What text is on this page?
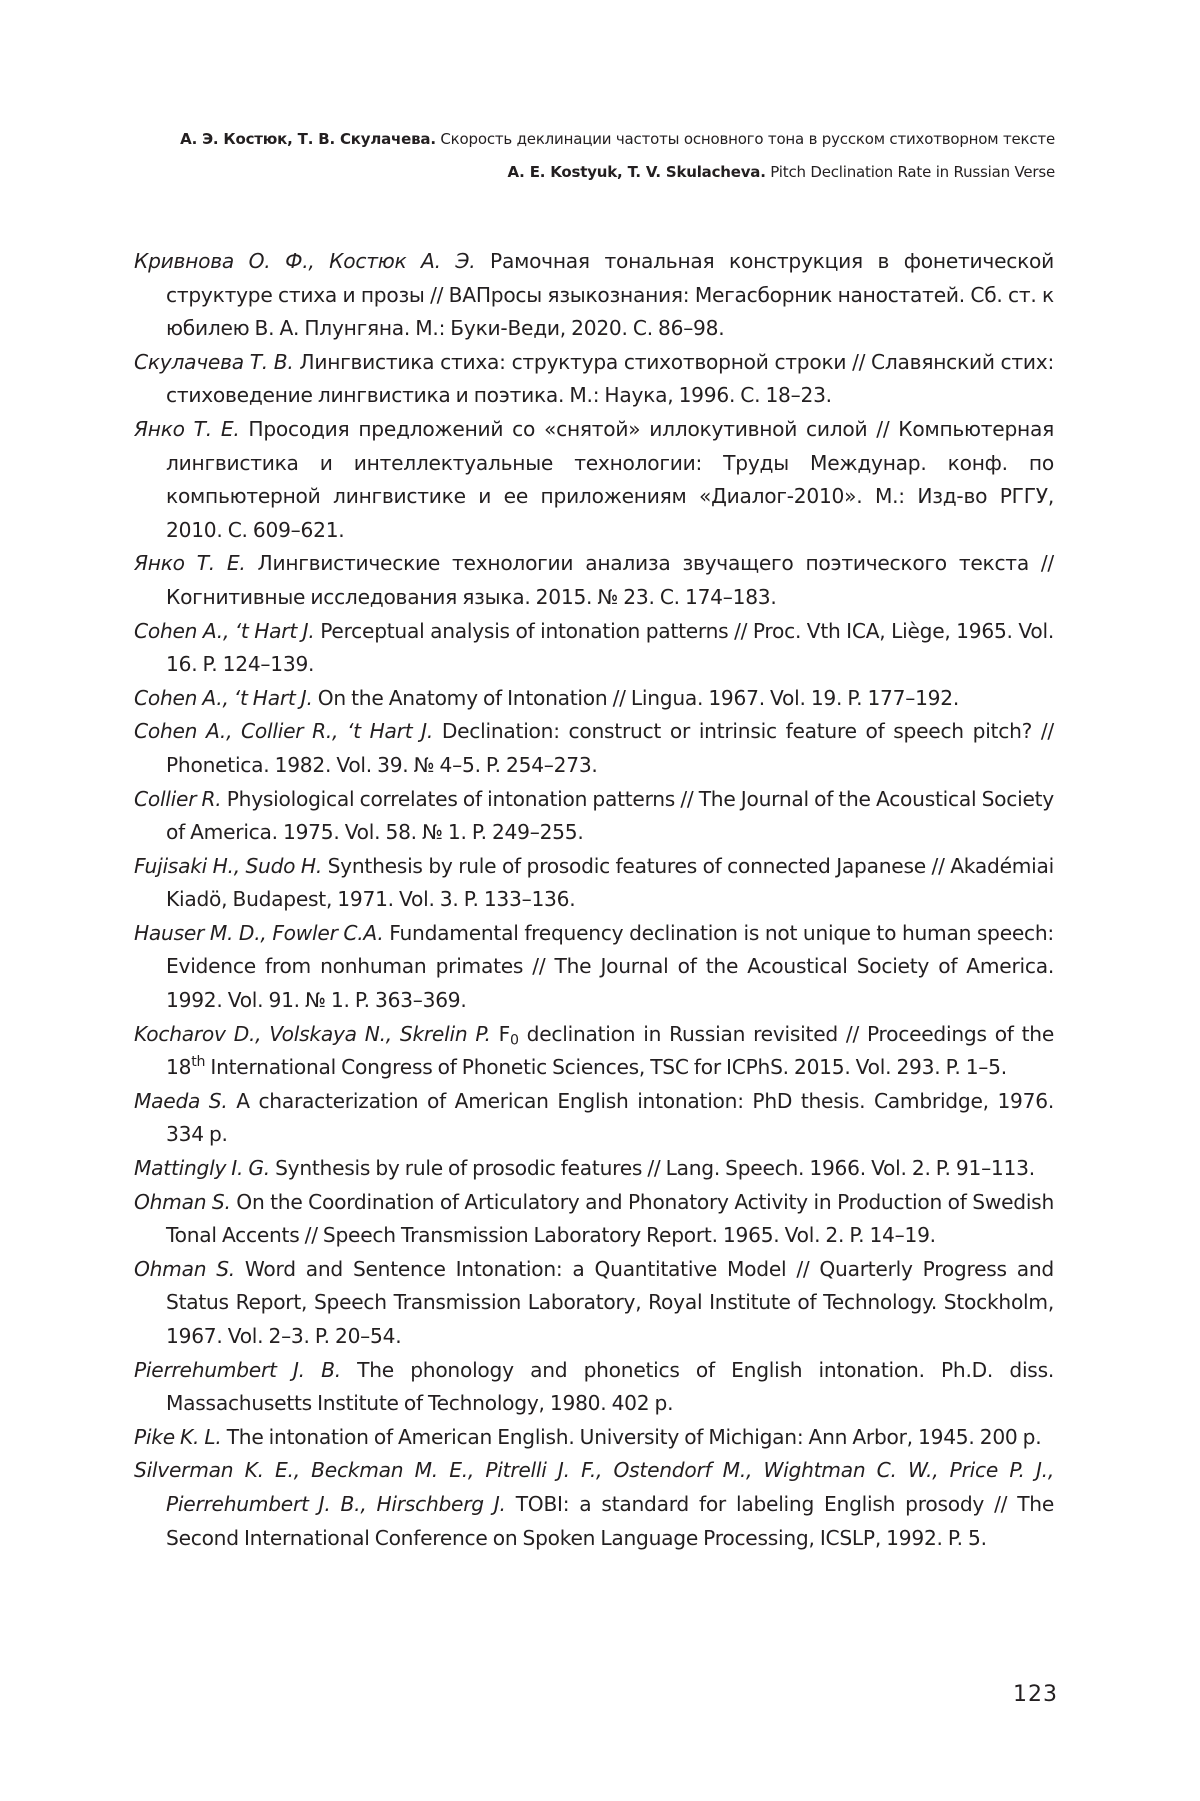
А. Э. Костюк, Т. В. Скулачева. Скорость деклинации частоты основного тона в русском стихотворном тексте
A. E. Kostyuk, T. V. Skulacheva. Pitch Declination Rate in Russian Verse

Кривнова О. Ф., Костюк А. Э. Рамочная тональная конструкция в фонетической структуре стиха и прозы // ВАПросы языкознания: Мегасборник наностатей. Сб. ст. к юбилею В. А. Плунгяна. М.: Буки-Веди, 2020. С. 86–98.

Скулачева Т. В. Лингвистика стиха: структура стихотворной строки // Славянский стих: стиховедение лингвистика и поэтика. М.: Наука, 1996. С. 18–23.

Янко Т. Е. Просодия предложений со «снятой» иллокутивной силой // Компьютерная лингвистика и интеллектуальные технологии: Труды Междунар. конф. по компьютерной лингвистике и ее приложениям «Диалог-2010». М.: Изд-во РГГУ, 2010. С. 609–621.

Янко Т. Е. Лингвистические технологии анализа звучащего поэтического текста // Когнитивные исследования языка. 2015. № 23. С. 174–183.

Cohen A., ‘t Hart J. Perceptual analysis of intonation patterns // Proc. Vth ICA, Liège, 1965. Vol. 16. P. 124–139.

Cohen A., ‘t Hart J. On the Anatomy of Intonation // Lingua. 1967. Vol. 19. P. 177–192.

Cohen A., Collier R., ‘t Hart J. Declination: construct or intrinsic feature of speech pitch? // Phonetica. 1982. Vol. 39. № 4–5. P. 254–273.

Collier R. Physiological correlates of intonation patterns // The Journal of the Acoustical Society of America. 1975. Vol. 58. № 1. P. 249–255.

Fujisaki H., Sudo H. Synthesis by rule of prosodic features of connected Japanese // Akadémiai Kiadö, Budapest, 1971. Vol. 3. P. 133–136.

Hauser M. D., Fowler C.A. Fundamental frequency declination is not unique to human speech: Evidence from nonhuman primates // The Journal of the Acoustical Society of America. 1992. Vol. 91. № 1. P. 363–369.

Kocharov D., Volskaya N., Skrelin P. $F_0$ declination in Russian revisited // Proceedings of the 18th International Congress of Phonetic Sciences, TSC for ICPhS. 2015. Vol. 293. P. 1–5.

Maeda S. A characterization of American English intonation: PhD thesis. Cambridge, 1976. 334 p.

Mattingly I. G. Synthesis by rule of prosodic features // Lang. Speech. 1966. Vol. 2. P. 91–113.

Ohman S. On the Coordination of Articulatory and Phonatory Activity in Production of Swedish Tonal Accents // Speech Transmission Laboratory Report. 1965. Vol. 2. P. 14–19.

Ohman S. Word and Sentence Intonation: a Quantitative Model // Quarterly Progress and Status Report, Speech Transmission Laboratory, Royal Institute of Technology. Stockholm, 1967. Vol. 2–3. P. 20–54.

Pierrehumbert J. B. The phonology and phonetics of English intonation. Ph.D. diss. Massachusetts Institute of Technology, 1980. 402 p.

Pike K. L. The intonation of American English. University of Michigan: Ann Arbor, 1945. 200 p.

Silverman K. E., Beckman M. E., Pitrelli J. F., Ostendorf M., Wightman C. W., Price P. J., Pierrehumbert J. B., Hirschberg J. TOBI: a standard for labeling English prosody // The Second International Conference on Spoken Language Processing, ICSLP, 1992. P. 5.

123
